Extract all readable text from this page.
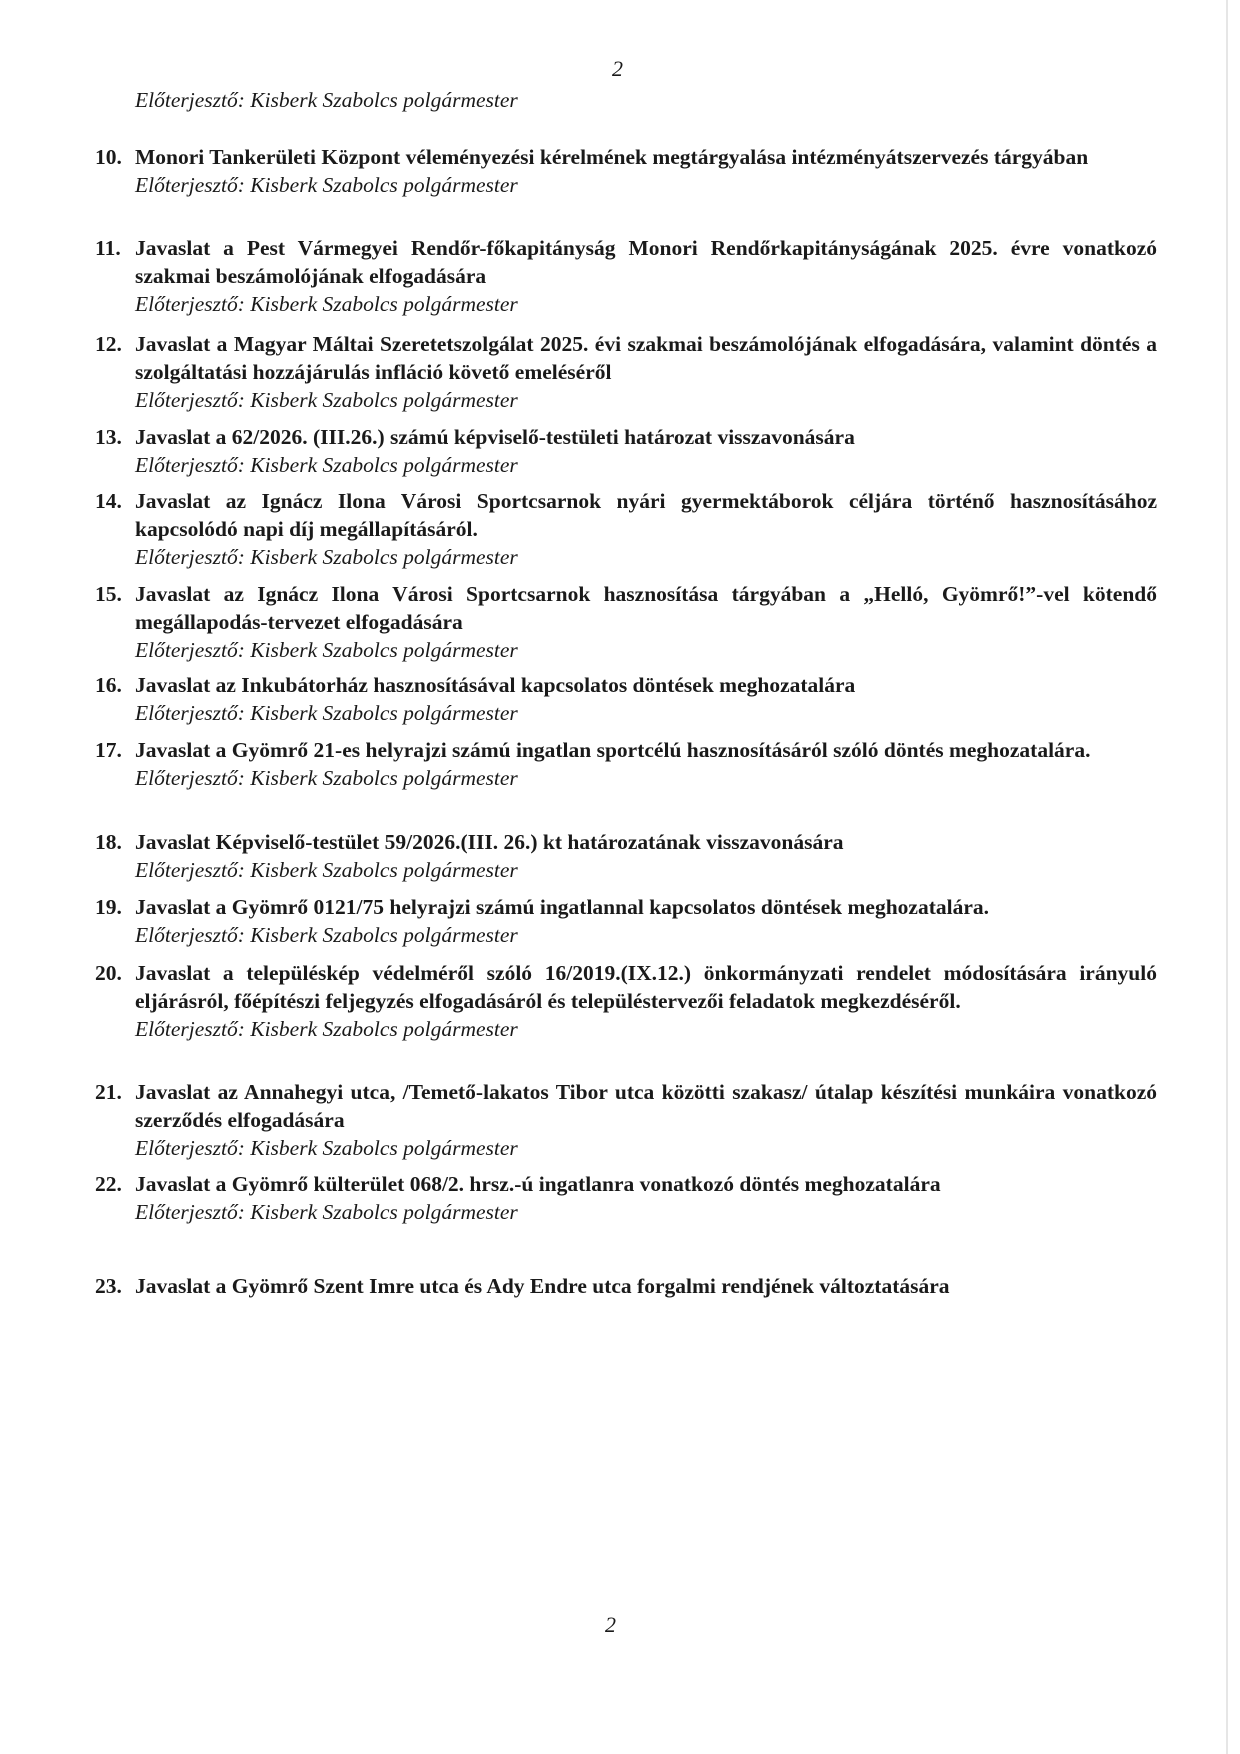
2
Előterjesztő: Kisberk Szabolcs polgármester
10. Monori Tankerületi Központ véleményezési kérelmének megtárgyalása intézményátszervezés tárgyában
Előterjesztő: Kisberk Szabolcs polgármester
11. Javaslat a Pest Vármegyei Rendőr-főkapitányság Monori Rendőrkapitányságának 2025. évre vonatkozó szakmai beszámolójának elfogadására
Előterjesztő: Kisberk Szabolcs polgármester
12. Javaslat a Magyar Máltai Szeretetszolgálat 2025. évi szakmai beszámolójának elfogadására, valamint döntés a szolgáltatási hozzájárulás infláció követő emeléséről
Előterjesztő: Kisberk Szabolcs polgármester
13. Javaslat a 62/2026. (III.26.) számú képviselő-testületi határozat visszavonására
Előterjesztő: Kisberk Szabolcs polgármester
14. Javaslat az Ignácz Ilona Városi Sportcsarnok nyári gyermektáborok céljára történő hasznosításához kapcsolódó napi díj megállapításáról.
Előterjesztő: Kisberk Szabolcs polgármester
15. Javaslat az Ignácz Ilona Városi Sportcsarnok hasznosítása tárgyában a „Helló, Gyömrő!”-vel kötendő megállapodás-tervezet elfogadására
Előterjesztő: Kisberk Szabolcs polgármester
16. Javaslat az Inkubátorház hasznosításával kapcsolatos döntések meghozatalára
Előterjesztő: Kisberk Szabolcs polgármester
17. Javaslat a Gyömrő 21-es helyrajzi számú ingatlan sportcélú hasznosításáról szóló döntés meghozatalára.
Előterjesztő: Kisberk Szabolcs polgármester
18. Javaslat Képviselő-testület 59/2026.(III. 26.) kt határozatának visszavonására
Előterjesztő: Kisberk Szabolcs polgármester
19. Javaslat a Gyömrő 0121/75 helyrajzi számú ingatlannal kapcsolatos döntések meghozatalára.
Előterjesztő: Kisberk Szabolcs polgármester
20. Javaslat a településkép védelméről szóló 16/2019.(IX.12.) önkormányzati rendelet módosítására irányuló eljárásról, főépítészi feljegyzés elfogadásáról és településtervezői feladatok megkezdéséről.
Előterjesztő: Kisberk Szabolcs polgármester
21. Javaslat az Annahegyi utca, /Temető-lakatos Tibor utca közötti szakasz/ útalap készítési munkáira vonatkozó szerződés elfogadására
Előterjesztő: Kisberk Szabolcs polgármester
22. Javaslat a Gyömrő külterület 068/2. hrsz.-ú ingatlanra vonatkozó döntés meghozatalára
Előterjesztő: Kisberk Szabolcs polgármester
23. Javaslat a Gyömrő Szent Imre utca és Ady Endre utca forgalmi rendjének változtatására
2
